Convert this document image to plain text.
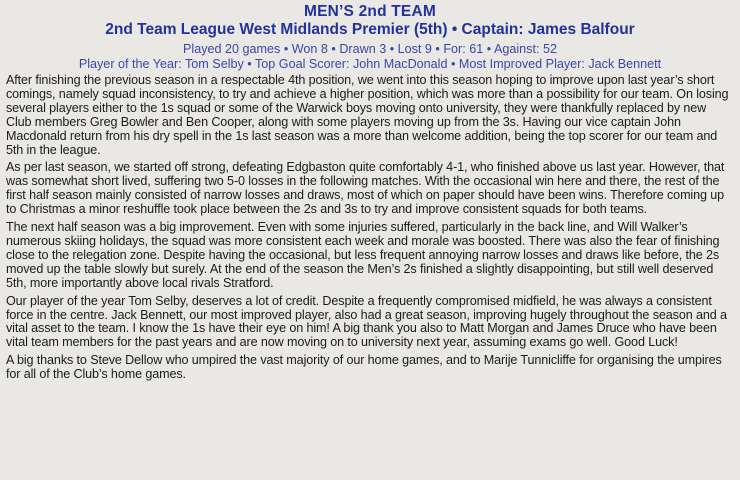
MEN’S 2nd TEAM
2nd Team League West Midlands Premier (5th) • Captain: James Balfour
Played 20 games • Won 8 • Drawn 3 • Lost 9 • For: 61 • Against: 52
Player of the Year: Tom Selby • Top Goal Scorer: John MacDonald • Most Improved Player: Jack Bennett

After finishing the previous season in a respectable 4th position, we went into this season hoping to improve upon last year’s short comings, namely squad inconsistency, to try and achieve a higher position, which was more than a possibility for our team. On losing several players either to the 1s squad or some of the Warwick boys moving onto university, they were thankfully replaced by new Club members Greg Bowler and Ben Cooper, along with some players moving up from the 3s. Having our vice captain John Macdonald return from his dry spell in the 1s last season was a more than welcome addition, being the top scorer for our team and 5th in the league.

As per last season, we started off strong, defeating Edgbaston quite comfortably 4-1, who finished above us last year. However, that was somewhat short lived, suffering two 5-0 losses in the following matches. With the occasional win here and there, the rest of the first half season mainly consisted of narrow losses and draws, most of which on paper should have been wins. Therefore coming up to Christmas a minor reshuffle took place between the 2s and 3s to try and improve consistent squads for both teams.

The next half season was a big improvement. Even with some injuries suffered, particularly in the back line, and Will Walker’s numerous skiing holidays, the squad was more consistent each week and morale was boosted. There was also the fear of finishing close to the relegation zone. Despite having the occasional, but less frequent annoying narrow losses and draws like before, the 2s moved up the table slowly but surely. At the end of the season the Men’s 2s finished a slightly disappointing, but still well deserved 5th, more importantly above local rivals Stratford.

Our player of the year Tom Selby, deserves a lot of credit. Despite a frequently compromised midfield, he was always a consistent force in the centre. Jack Bennett, our most improved player, also had a great season, improving hugely throughout the season and a vital asset to the team. I know the 1s have their eye on him! A big thank you also to Matt Morgan and James Druce who have been vital team members for the past years and are now moving on to university next year, assuming exams go well. Good Luck!

A big thanks to Steve Dellow who umpired the vast majority of our home games, and to Marije Tunnicliffe for organising the umpires for all of the Club’s home games.
